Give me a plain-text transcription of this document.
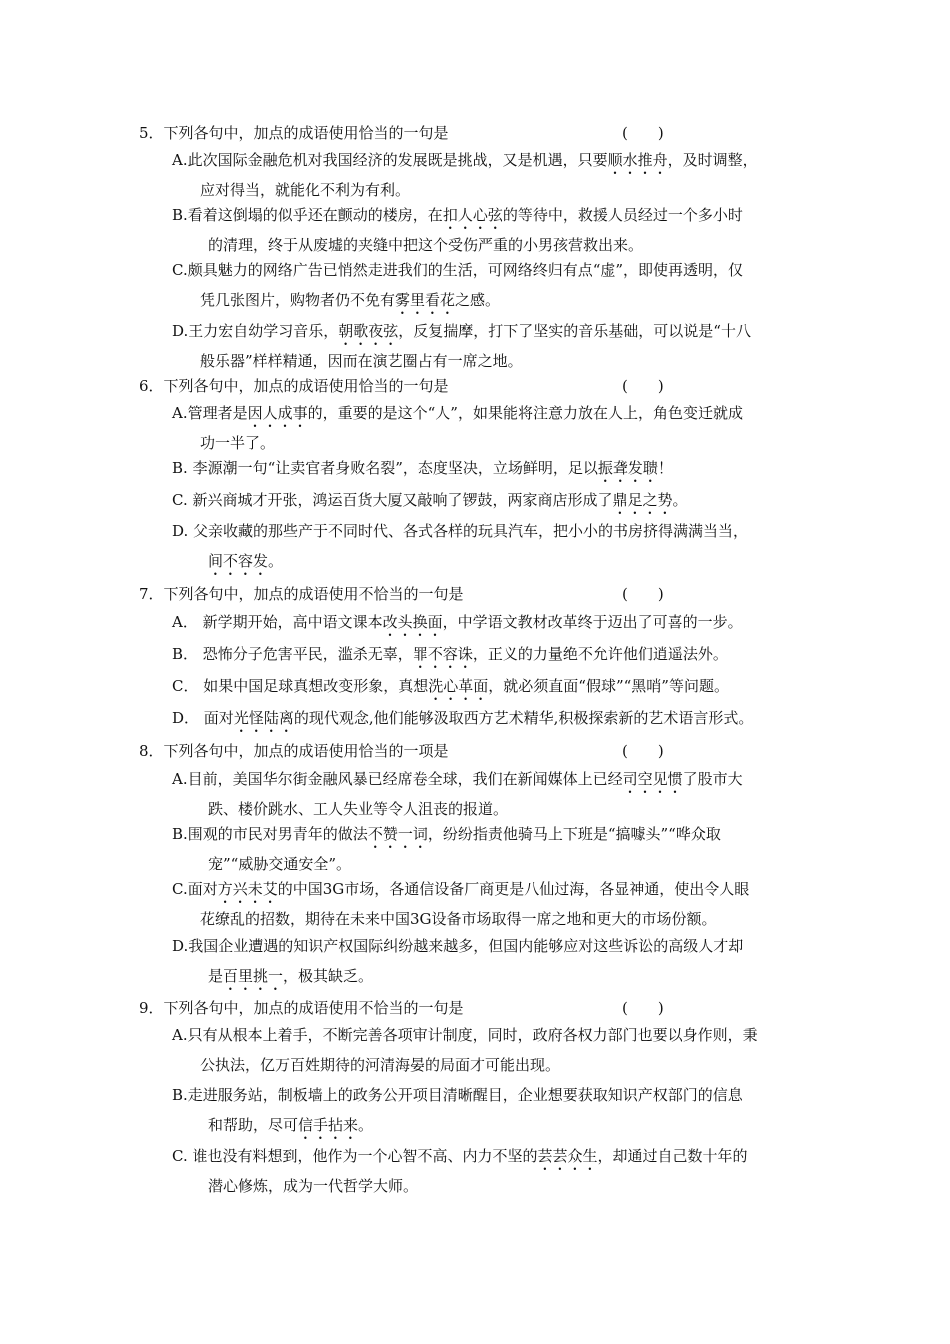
5．下列各句中，加点的成语使用恰当的一句是	(　　)
A.此次国际金融危机对我国经济的发展既是挑战，又是机遇，只要顺水推舟，及时调整，
应对得当，就能化不利为有利。
B.看着这倒塌的似乎还在颤动的楼房，在扣人心弦的等待中，救援人员经过一个多小时
的清理，终于从废墟的夹缝中把这个受伤严重的小男孩营救出来。
C.颇具魅力的网络广告已悄然走进我们的生活，可网络终归有点“虚”，即使再透明，仅
凭几张图片，购物者仍不免有雾里看花之感。
D.王力宏自幼学习音乐，朝歌夜弦，反复揣摩，打下了坚实的音乐基础，可以说是“十八
般乐器”样样精通，因而在演艺圈占有一席之地。
6．下列各句中，加点的成语使用恰当的一句是	(　　)
A.管理者是因人成事的，重要的是这个“人”，如果能将注意力放在人上，角色变迁就成
功一半了。
B. 李源潮一句“让卖官者身败名裂”，态度坚决，立场鲜明，足以振聋发聩！
C. 新兴商城才开张，鸿运百货大厦又敲响了锣鼓，两家商店形成了鼎足之势。
D. 父亲收藏的那些产于不同时代、各式各样的玩具汽车，把小小的书房挤得满满当当，
间不容发。
7．下列各句中，加点的成语使用不恰当的一句是	(　　)
A． 新学期开始，高中语文课本改头换面，中学语文教材改革终于迈出了可喜的一步。
B． 恐怖分子危害平民，滥杀无辜，罪不容诛，正义的力量绝不允许他们逍遥法外。
C． 如果中国足球真想改变形象，真想洗心革面，就必须直面“假球”“黑哨”等问题。
D． 面对光怪陆离的现代观念,他们能够汲取西方艺术精华,积极探索新的艺术语言形式。
8．下列各句中，加点的成语使用恰当的一项是	(　　)
A.目前，美国华尔街金融风暴已经席卷全球，我们在新闻媒体上已经司空见惯了股市大
跌、楼价跳水、工人失业等令人沮丧的报道。
B.围观的市民对男青年的做法不赞一词，纷纷指责他骑马上下班是“搞噱头”“哗众取
宠”“威胁交通安全”。
C.面对方兴未艾的中国3G市场，各通信设备厂商更是八仙过海，各显神通，使出令人眼
花缭乱的招数，期待在未来中国3G设备市场取得一席之地和更大的市场份额。
D.我国企业遭遇的知识产权国际纠纷越来越多，但国内能够应对这些诉讼的高级人才却
是百里挑一，极其缺乏。
9．下列各句中，加点的成语使用不恰当的一句是	(　　)
A.只有从根本上着手，不断完善各项审计制度，同时，政府各权力部门也要以身作则，秉
公执法，亿万百姓期待的河清海晏的局面才可能出现。
B.走进服务站，制板墙上的政务公开项目清晰醒目，企业想要获取知识产权部门的信息
和帮助，尽可信手拈来。
C. 谁也没有料想到，他作为一个心智不高、内力不坚的芸芸众生，却通过自己数十年的
潜心修炼，成为一代哲学大师。
